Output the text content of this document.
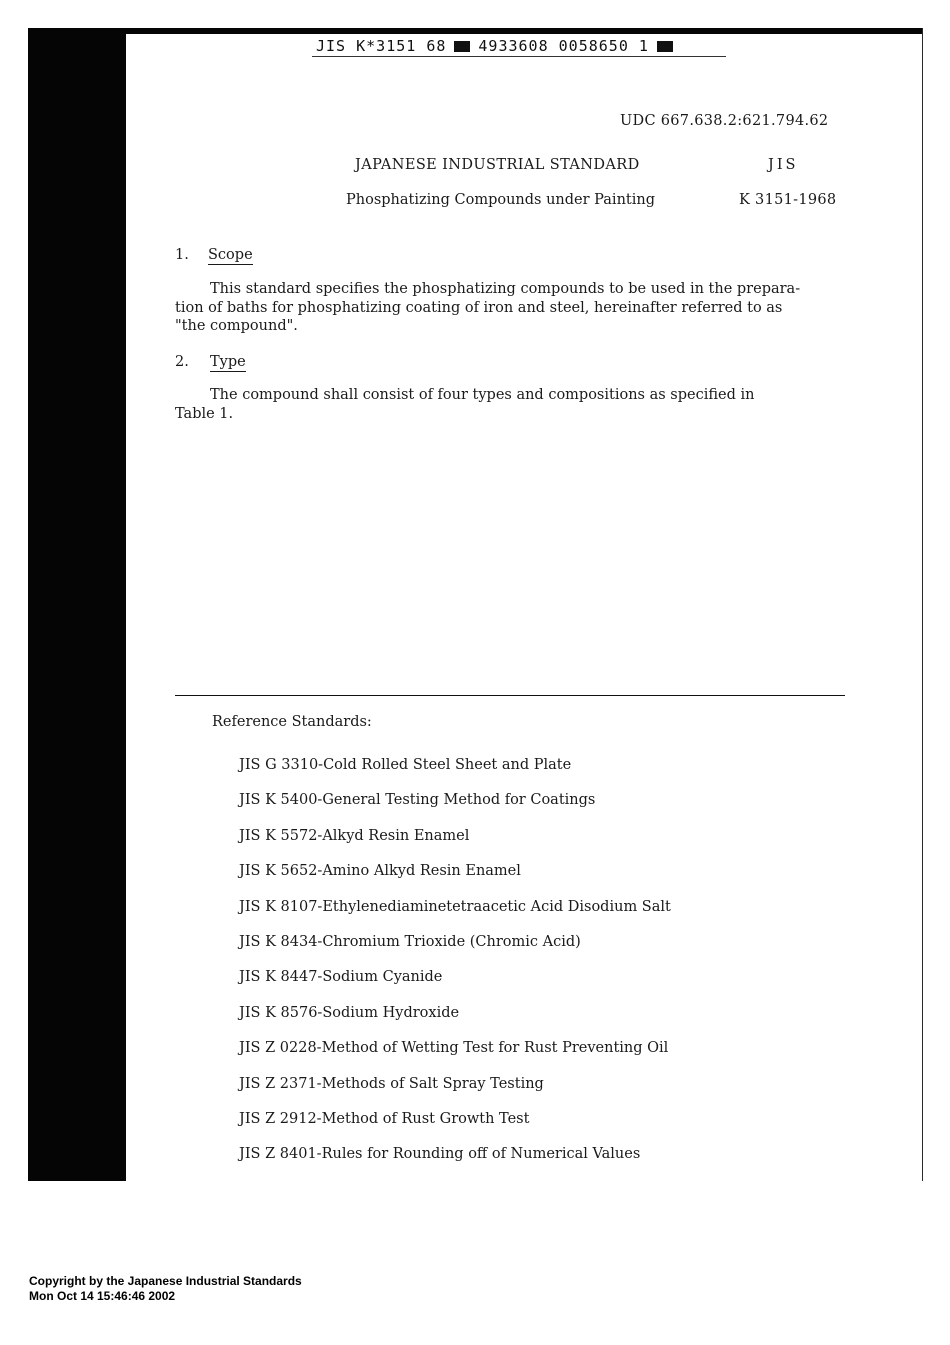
JIS K*3151 68 4933608 0058650 1
UDC 667.638.2:621.794.62
JAPANESE INDUSTRIAL STANDARD	JIS
Phosphatizing Compounds under Painting	K 3151-1968
1. Scope
This standard specifies the phosphatizing compounds to be used in the prepara-
tion of baths for phosphatizing coating of iron and steel, hereinafter referred to as
"the compound".
2. Type
The compound shall consist of four types and compositions as specified in
Table 1.
Reference Standards:
JIS G 3310-Cold Rolled Steel Sheet and Plate
JIS K 5400-General Testing Method for Coatings
JIS K 5572-Alkyd Resin Enamel
JIS K 5652-Amino Alkyd Resin Enamel
JIS K 8107-Ethylenediaminetetraacetic Acid Disodium Salt
JIS K 8434-Chromium Trioxide (Chromic Acid)
JIS K 8447-Sodium Cyanide
JIS K 8576-Sodium Hydroxide
JIS Z 0228-Method of Wetting Test for Rust Preventing Oil
JIS Z 2371-Methods of Salt Spray Testing
JIS Z 2912-Method of Rust Growth Test
JIS Z 8401-Rules for Rounding off of Numerical Values
Copyright by the Japanese Industrial Standards
Mon Oct 14 15:46:46 2002
